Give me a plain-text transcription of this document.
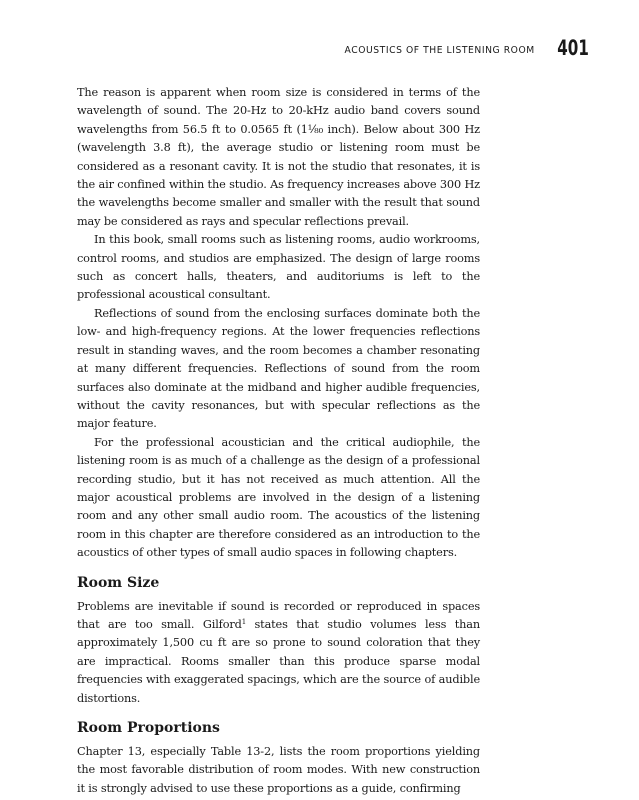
ACOUSTICS OF THE LISTENING ROOM 401

The reason is apparent when room size is considered in terms of the wavelength of sound. The 20-Hz to 20-kHz audio band covers sound wavelengths from 56.5 ft to 0.0565 ft (1⅛₀ inch). Below about 300 Hz (wavelength 3.8 ft), the average studio or listening room must be considered as a resonant cavity. It is not the studio that resonates, it is the air confined within the studio. As frequency increases above 300 Hz the wavelengths become smaller and smaller with the result that sound may be considered as rays and specular reflections prevail.

In this book, small rooms such as listening rooms, audio workrooms, control rooms, and studios are emphasized. The design of large rooms such as concert halls, theaters, and auditoriums is left to the professional acoustical consultant.

Reflections of sound from the enclosing surfaces dominate both the low- and high-frequency regions. At the lower frequencies reflections result in standing waves, and the room becomes a chamber resonating at many different frequencies. Reflections of sound from the room surfaces also dominate at the midband and higher audible frequencies, without the cavity resonances, but with specular reflections as the major feature.

For the professional acoustician and the critical audiophile, the listening room is as much of a challenge as the design of a professional recording studio, but it has not received as much attention. All the major acoustical problems are involved in the design of a listening room and any other small audio room. The acoustics of the listening room in this chapter are therefore considered as an introduction to the acoustics of other types of small audio spaces in following chapters.

Room Size

Problems are inevitable if sound is recorded or reproduced in spaces that are too small. Gilford$^1$ states that studio volumes less than approximately 1,500 cu ft are so prone to sound coloration that they are impractical. Rooms smaller than this produce sparse modal frequencies with exaggerated spacings, which are the source of audible distortions.

Room Proportions

Chapter 13, especially Table 13-2, lists the room proportions yielding the most favorable distribution of room modes. With new construction it is strongly advised to use these proportions as a guide, confirming
